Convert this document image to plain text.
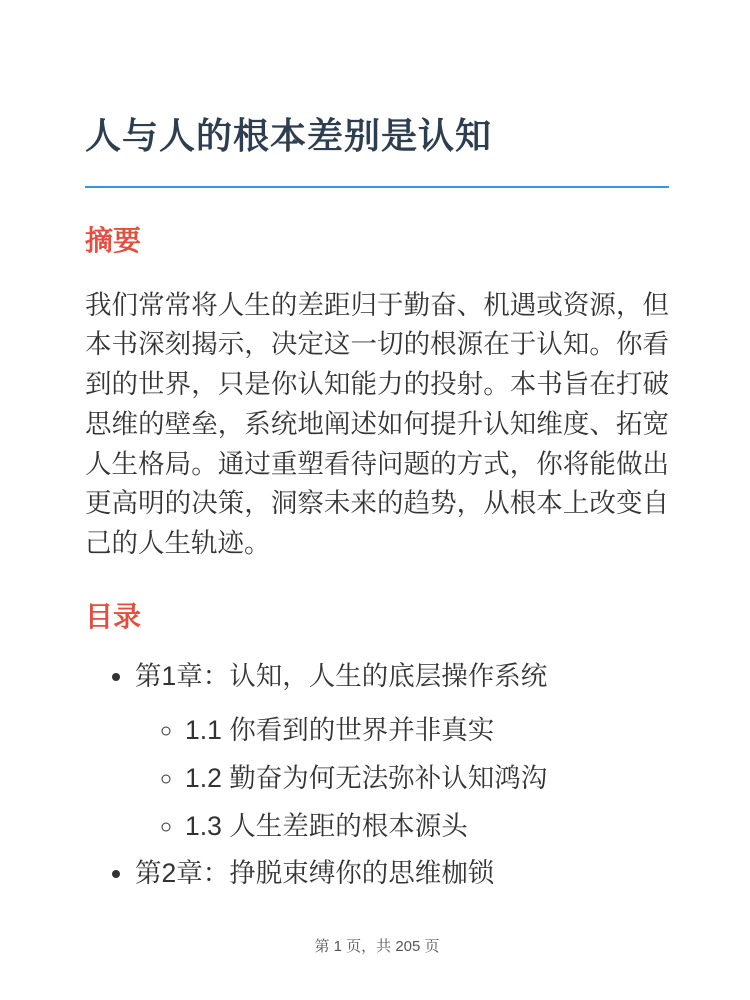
人与人的根本差别是认知
摘要

我们常常将人生的差距归于勤奋、机遇或资源，但本书深刻揭示，决定这一切的根源在于认知。你看到的世界，只是你认知能力的投射。本书旨在打破思维的壁垒，系统地阐述如何提升认知维度、拓宽人生格局。通过重塑看待问题的方式，你将能做出更高明的决策，洞察未来的趋势，从根本上改变自己的人生轨迹。

目录
• 第1章：认知，人生的底层操作系统
◦ 1.1 你看到的世界并非真实
◦ 1.2 勤奋为何无法弥补认知鸿沟
◦ 1.3 人生差距的根本源头
• 第2章：挣脱束缚你的思维枷锁
第 1 页，共 205 页
